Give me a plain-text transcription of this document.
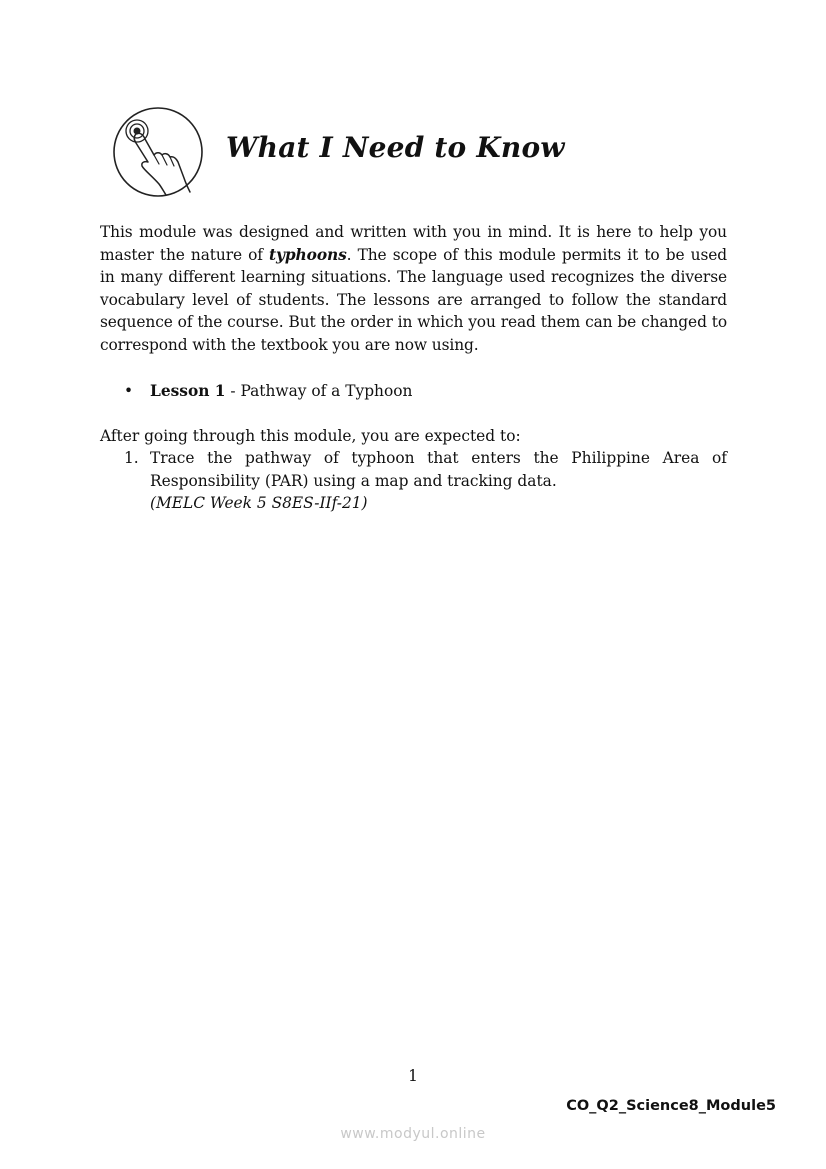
What I Need to Know

This module was designed and written with you in mind. It is here to help you master the nature of typhoons. The scope of this module permits it to be used in many different learning situations. The language used recognizes the diverse vocabulary level of students. The lessons are arranged to follow the standard sequence of the course. But the order in which you read them can be changed to correspond with the textbook you are now using.

• Lesson 1 - Pathway of a Typhoon

After going through this module, you are expected to:

1. Trace the pathway of typhoon that enters the Philippine Area of Responsibility (PAR) using a map and tracking data.
(MELC Week 5 S8ES-IIf-21)
1
CO_Q2_Science8_Module5
www.modyul.online
